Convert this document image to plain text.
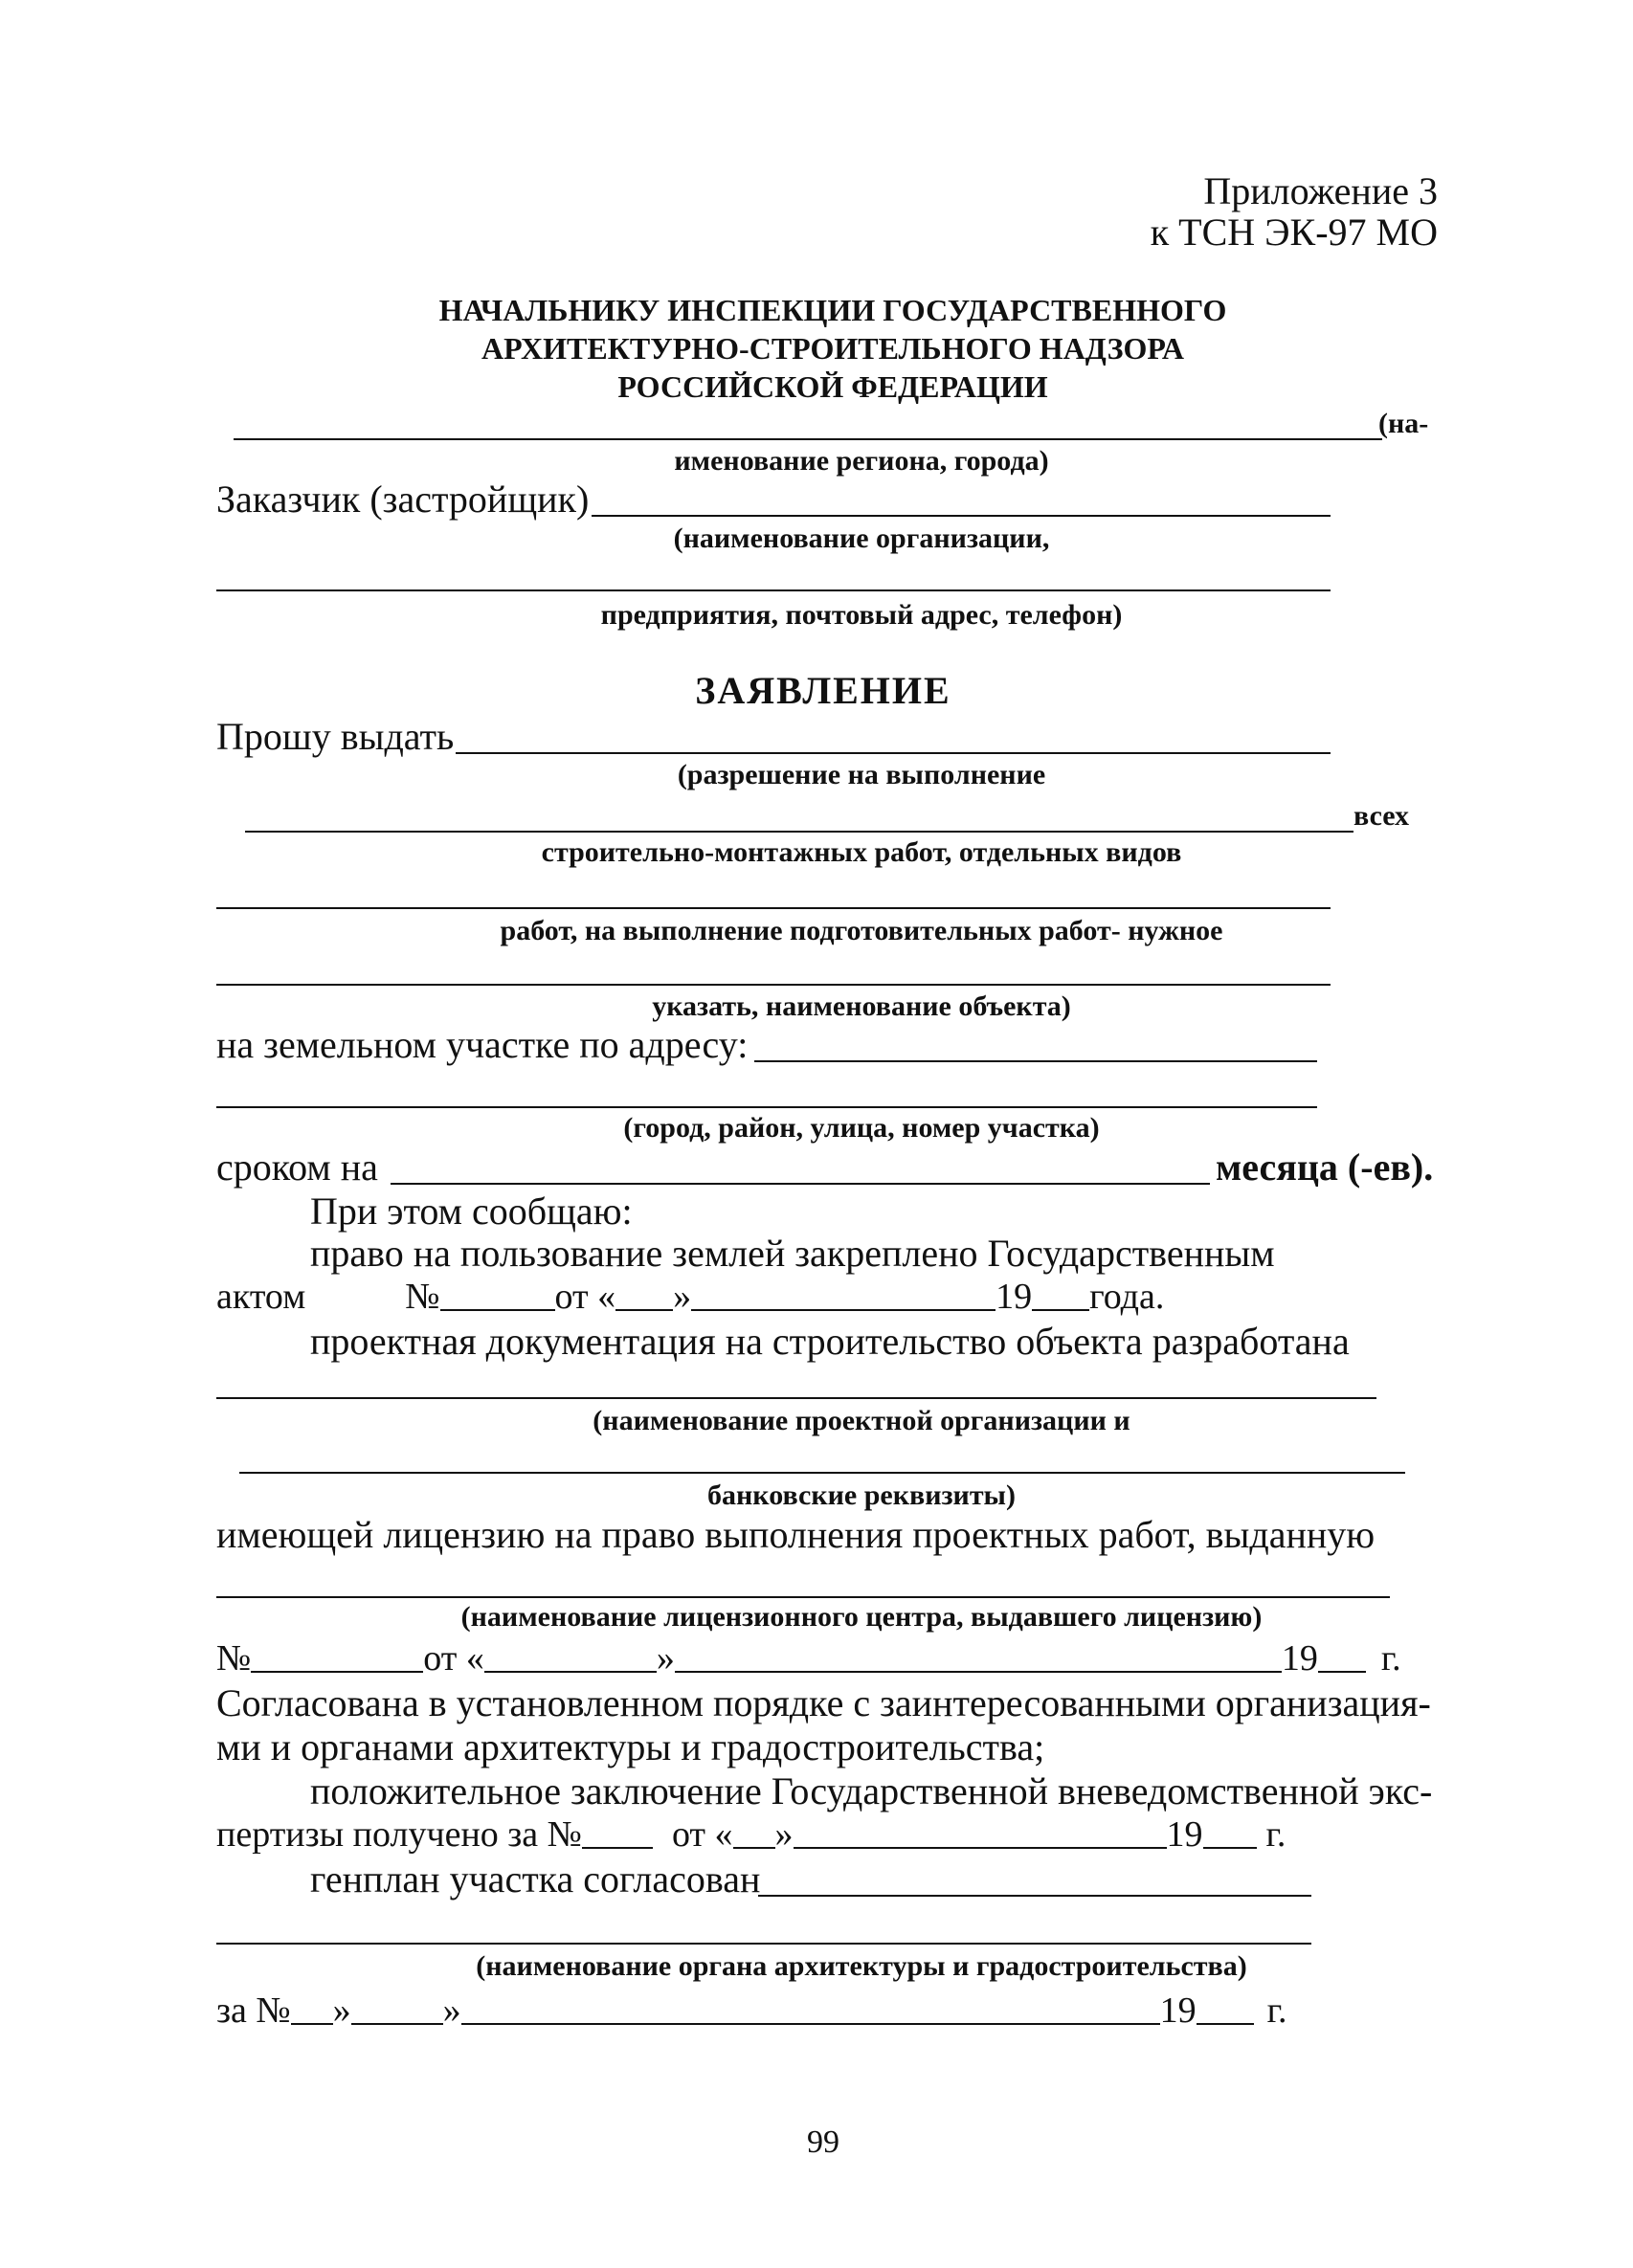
Приложение 3
к ТСН ЭК-97 МО
НАЧАЛЬНИКУ ИНСПЕКЦИИ ГОСУДАРСТВЕННОГО
АРХИТЕКТУРНО-СТРОИТЕЛЬНОГО НАДЗОРА
РОССИЙСКОЙ ФЕДЕРАЦИИ
(на-
именование региона, города)
Заказчик (застройщик)
(наименование организации,
предприятия, почтовый адрес, телефон)
ЗАЯВЛЕНИЕ
Прошу выдать
(разрешение на выполнение
всех
строительно-монтажных работ, отдельных видов
работ, на выполнение подготовительных работ- нужное
указать, наименование объекта)
на земельном участке по адресу:
(город, район, улица, номер участка)
сроком на	месяца (-ев).
При этом сообщаю:
право на пользование землей закреплено Государственным
актом	№	от « »	19 года.
проектная документация на строительство объекта разработана
(наименование проектной организации и
банковские реквизиты)
имеющей лицензию на право выполнения проектных работ, выданную
(наименование лицензионного центра, выдавшего лицензию)
№	от «	»	19 г.
Согласована в установленном порядке с заинтересованными организация-
ми и органами архитектуры и градостроительства;
положительное заключение Государственной вневедомственной экс-
пертизы получено за № от « »	19 г.
генплан участка согласован
(наименование органа архитектуры и градостроительства)
за № »	»	19 г.
99
